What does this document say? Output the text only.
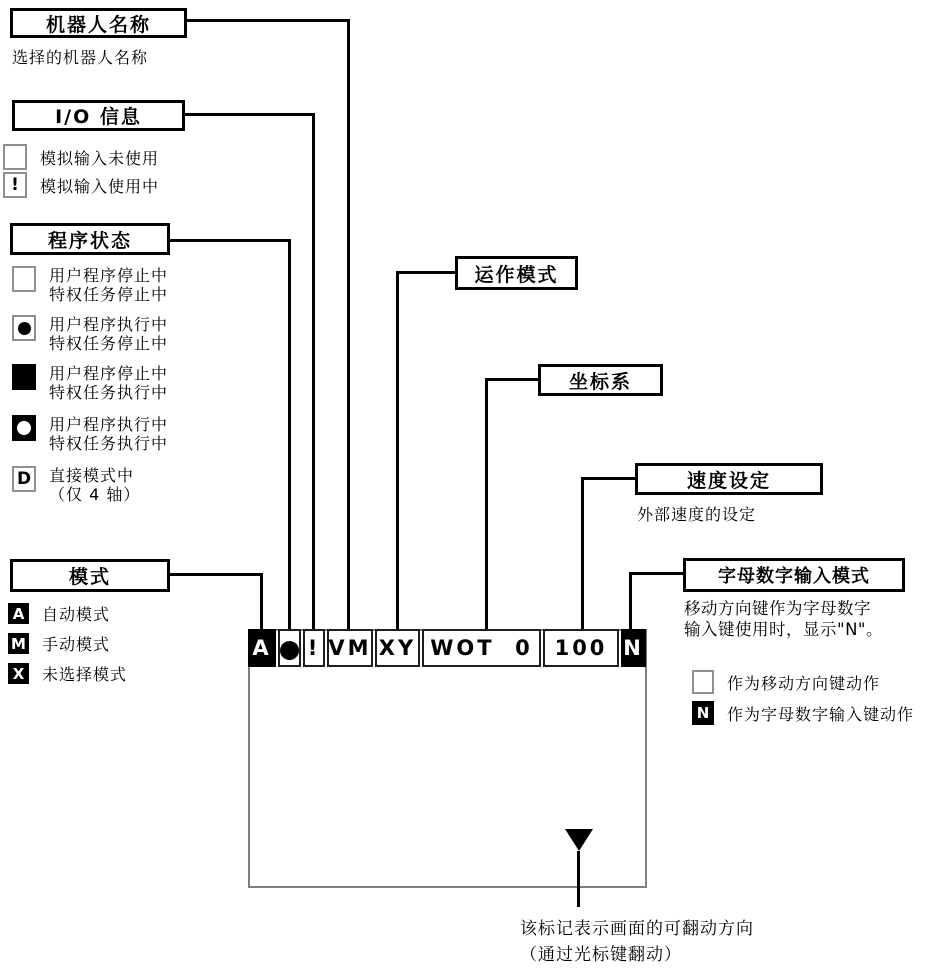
机器人名称
选择的机器人名称
I/O 信息
模拟输入未使用
!	模拟输入使用中
程序状态
用户程序停止中
特权任务停止中
用户程序执行中
特权任务停止中
用户程序停止中
特权任务执行中
用户程序执行中
特权任务执行中
D	直接模式中
（仅 4 轴）
模式
A 自动模式
M 手动模式
X 未选择模式
运作模式
坐标系
速度设定
外部速度的设定
字母数字输入模式
移动方向键作为字母数字
输入键使用时，显示"N"。
作为移动方向键动作
N 作为字母数字输入键动作
A ● ! VM XY WOT  0	100 N
该标记表示画面的可翻动方向
（通过光标键翻动）
